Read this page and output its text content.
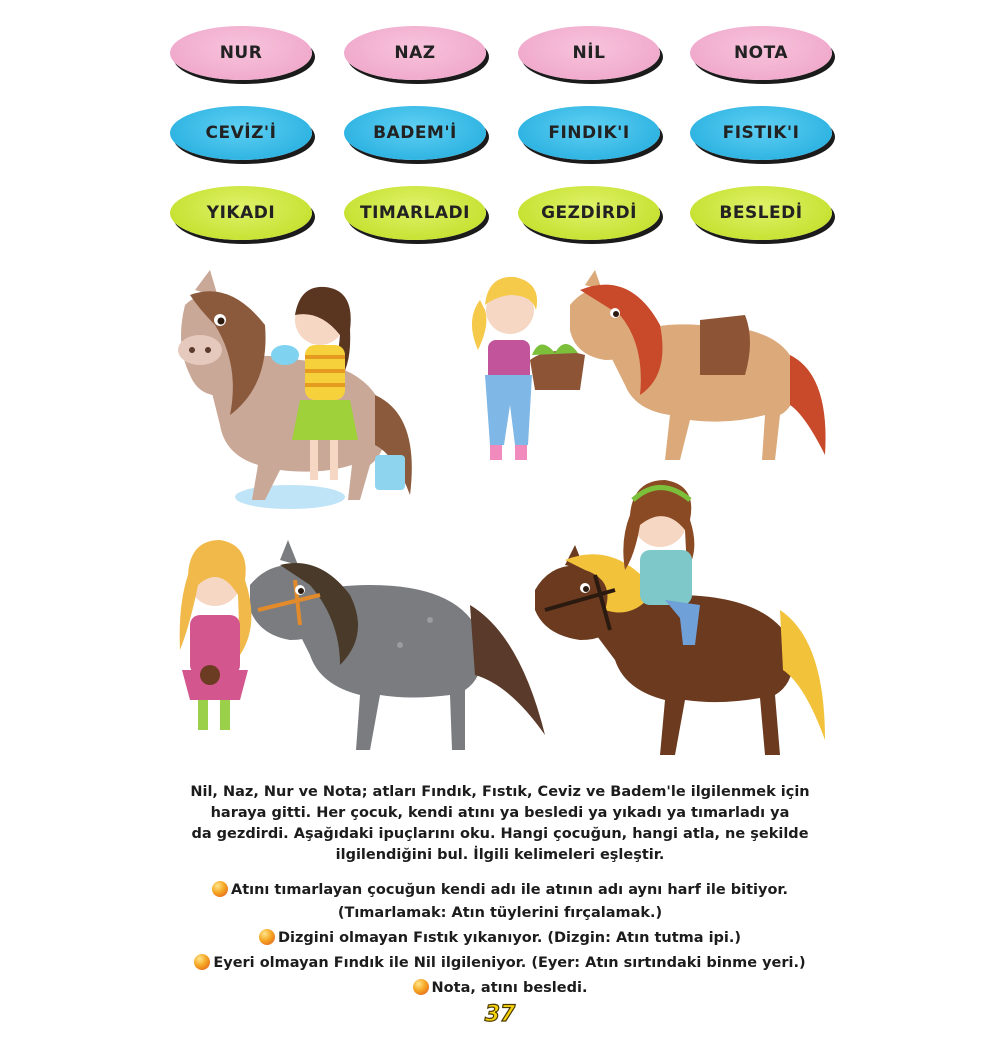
NUR	NAZ	NİL	NOTA
CEVİZ'İ	BADEM'İ	FINDIK'I	FISTIK'I
YIKADI	TIMARLADI	GEZDİRDİ	BESLEDİ
Nil, Naz, Nur ve Nota; atları Fındık, Fıstık, Ceviz ve Badem'le ilgilenmek için
haraya gitti. Her çocuk, kendi atını ya besledi ya yıkadı ya tımarladı ya
da gezdirdi. Aşağıdaki ipuçlarını oku. Hangi çocuğun, hangi atla, ne şekilde
ilgilendiğini bul. İlgili kelimeleri eşleştir.
Atını tımarlayan çocuğun kendi adı ile atının adı aynı harf ile bitiyor.
(Tımarlamak: Atın tüylerini fırçalamak.)
Dizgini olmayan Fıstık yıkanıyor. (Dizgin: Atın tutma ipi.)
Eyeri olmayan Fındık ile Nil ilgileniyor. (Eyer: Atın sırtındaki binme yeri.)
Nota, atını besledi.
37
